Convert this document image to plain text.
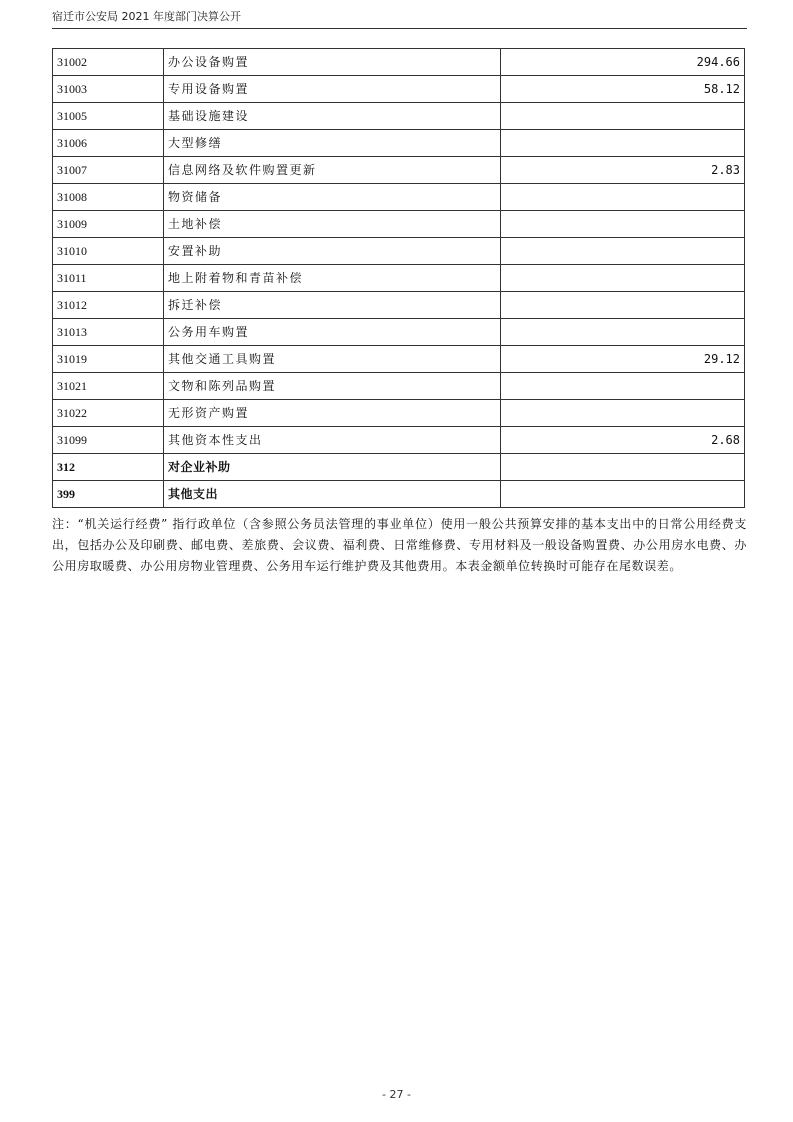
宿迁市公安局 2021 年度部门决算公开
31002	办公设备购置	294.66
31003	专用设备购置	58.12
31005	基础设施建设	
31006	大型修缮	
31007	信息网络及软件购置更新	2.83
31008	物资储备	
31009	土地补偿	
31010	安置补助	
31011	地上附着物和青苗补偿	
31012	拆迁补偿	
31013	公务用车购置	
31019	其他交通工具购置	29.12
31021	文物和陈列品购置	
31022	无形资产购置	
31099	其他资本性支出	2.68
312	对企业补助	
399	其他支出	
注：“机关运行经费” 指行政单位（含参照公务员法管理的事业单位）使用一般公共预算安排的基本支出中的日常公用经费支出，包括办公及印刷费、邮电费、差旅费、会议费、福利费、日常维修费、专用材料及一般设备购置费、办公用房水电费、办公用房取暖费、办公用房物业管理费、公务用车运行维护费及其他费用。本表金额单位转换时可能存在尾数误差。
- 27 -
